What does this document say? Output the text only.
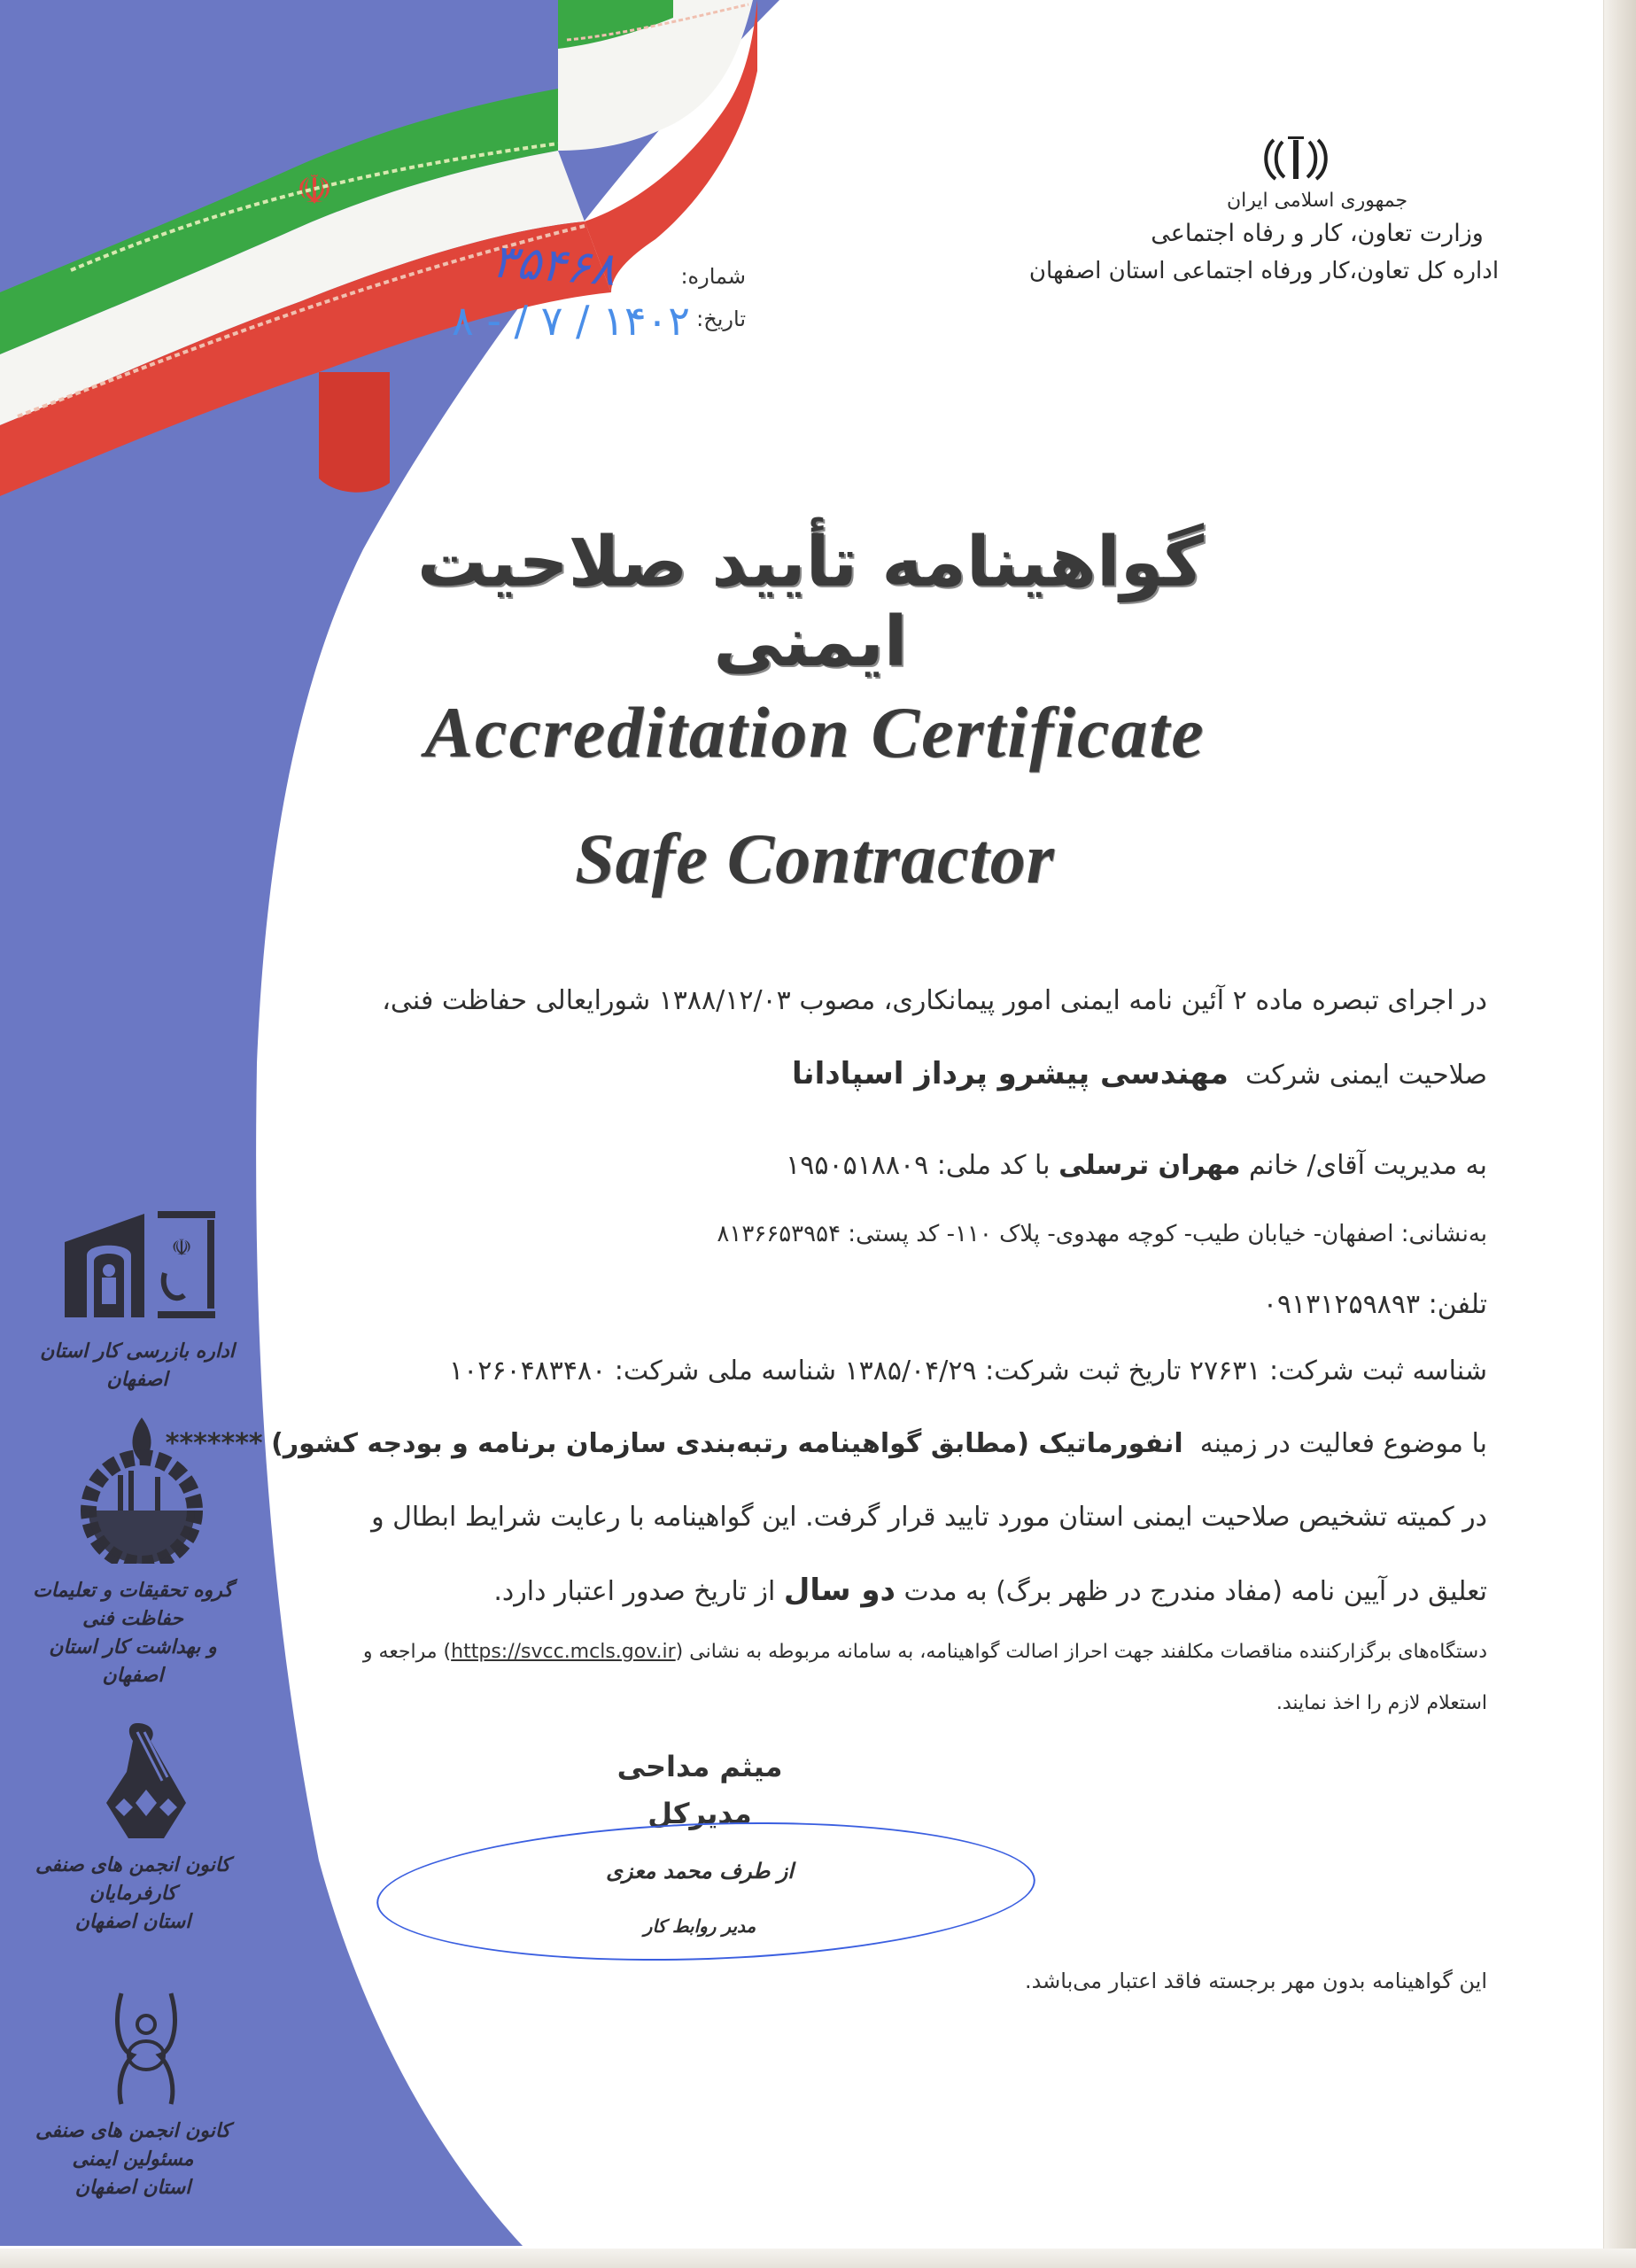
☫	جمهوری اسلامی ایران
وزارت تعاون، کار و رفاه اجتماعی
اداره کل تعاون،کار ورفاه اجتماعی استان اصفهان
شماره:
تاریخ:
۳۵۴۶۸
۱۴۰۲ / ۷ / - ۸
گواهینامه تأیید صلاحیت ایمنی
Accreditation Certificate
Safe Contractor
در اجرای تبصره ماده ۲ آئین نامه ایمنی امور پیمانکاری، مصوب ۱۳۸۸/۱۲/۰۳ شورایعالی حفاظت فنی،
صلاحیت ایمنی شرکت  مهندسی پیشرو پرداز اسپادانا
به مدیریت آقای/ خانم مهران ترسلی با کد ملی: ۱۹۵۰۵۱۸۸۰۹
به‌نشانی: اصفهان- خیابان طیب- کوچه مهدوی- پلاک ۱۱۰- کد پستی: ۸۱۳۶۶۵۳۹۵۴
تلفن: ۰۹۱۳۱۲۵۹۸۹۳
شناسه ثبت شرکت: ۲۷۶۳۱ تاریخ ثبت شرکت: ۱۳۸۵/۰۴/۲۹ شناسه ملی شرکت: ۱۰۲۶۰۴۸۳۴۸۰
با موضوع فعالیت در زمینه  انفورماتیک (مطابق گواهینامه رتبه‌بندی سازمان برنامه و بودجه کشور) *******
در کمیته تشخیص صلاحیت ایمنی استان مورد تایید قرار گرفت. این گواهینامه با رعایت شرایط ابطال و
تعلیق در آیین نامه (مفاد مندرج در ظهر برگ) به مدت دو سال از تاریخ صدور اعتبار دارد.
دستگاه‌های برگزارکننده مناقصات مکلفند جهت احراز اصالت گواهینامه، به سامانه مربوطه به نشانی (https://svcc.mcls.gov.ir) مراجعه و
استعلام لازم را اخذ نمایند.
میثم مداحی
مدیرکل
از طرف محمد معزی
مدیر روابط کار
این گواهینامه بدون مهر برجسته فاقد اعتبار می‌باشد.
☫
اداره بازرسی کار استان اصفهان
گروه تحقیقات و تعلیمات حفاظت فنی
و بهداشت کار استان اصفهان
کانون انجمن های صنفی کارفرمایان
استان اصفهان
کانون انجمن های صنفی مسئولین ایمنی
استان اصفهان
